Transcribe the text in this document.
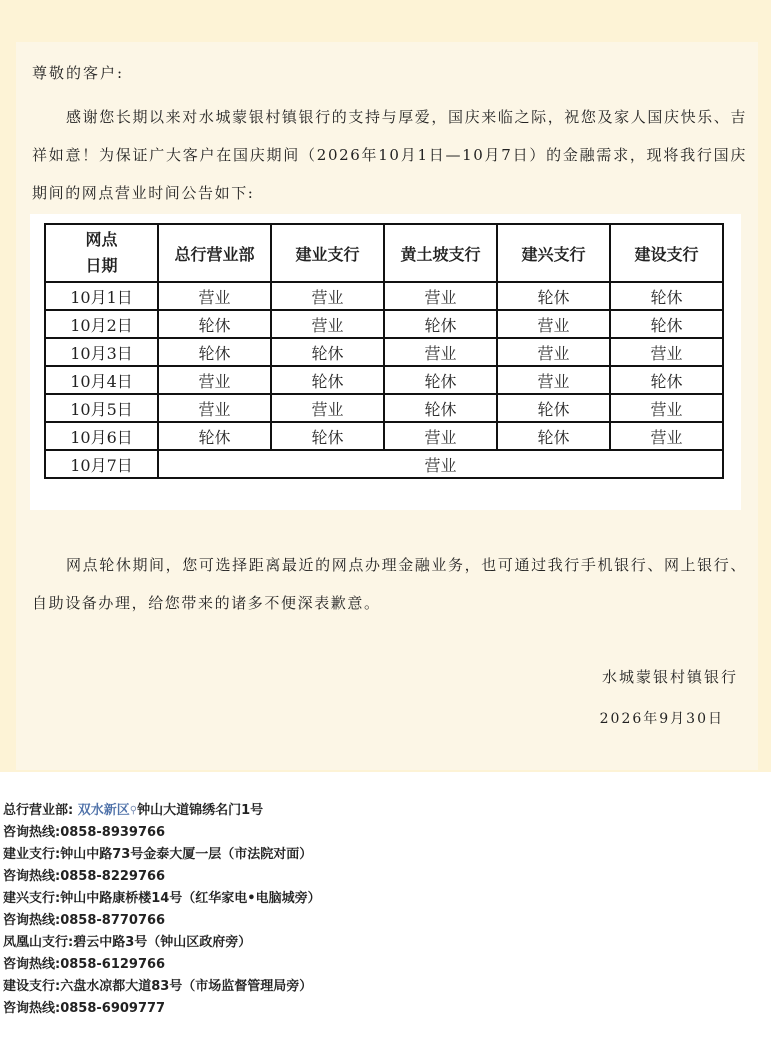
尊敬的客户:

感谢您长期以来对水城蒙银村镇银行的支持与厚爱，国庆来临之际，祝您及家人国庆快乐、吉祥如意！为保证广大客户在国庆期间（2026年10月1日—10月7日）的金融需求，现将我行国庆期间的网点营业时间公告如下:

网点
日期	总行营业部	建业支行	黄土坡支行	建兴支行	建设支行
10月1日	营业	营业	营业	轮休	轮休
10月2日	轮休	营业	轮休	营业	轮休
10月3日	轮休	轮休	营业	营业	营业
10月4日	营业	轮休	轮休	营业	轮休
10月5日	营业	营业	轮休	轮休	营业
10月6日	轮休	轮休	营业	轮休	营业
10月7日	营业				

网点轮休期间，您可选择距离最近的网点办理金融业务，也可通过我行手机银行、网上银行、自助设备办理，给您带来的诸多不便深表歉意。

水城蒙银村镇银行
2026年9月30日
总行营业部: 双水新区⚲钟山大道锦绣名门1号
咨询热线:0858-8939766
建业支行:钟山中路73号金泰大厦一层（市法院对面）
咨询热线:0858-8229766
建兴支行:钟山中路康桥楼14号（红华家电•电脑城旁）
咨询热线:0858-8770766
凤凰山支行:碧云中路3号（钟山区政府旁）
咨询热线:0858-6129766
建设支行:六盘水凉都大道83号（市场监督管理局旁）
咨询热线:0858-6909777
